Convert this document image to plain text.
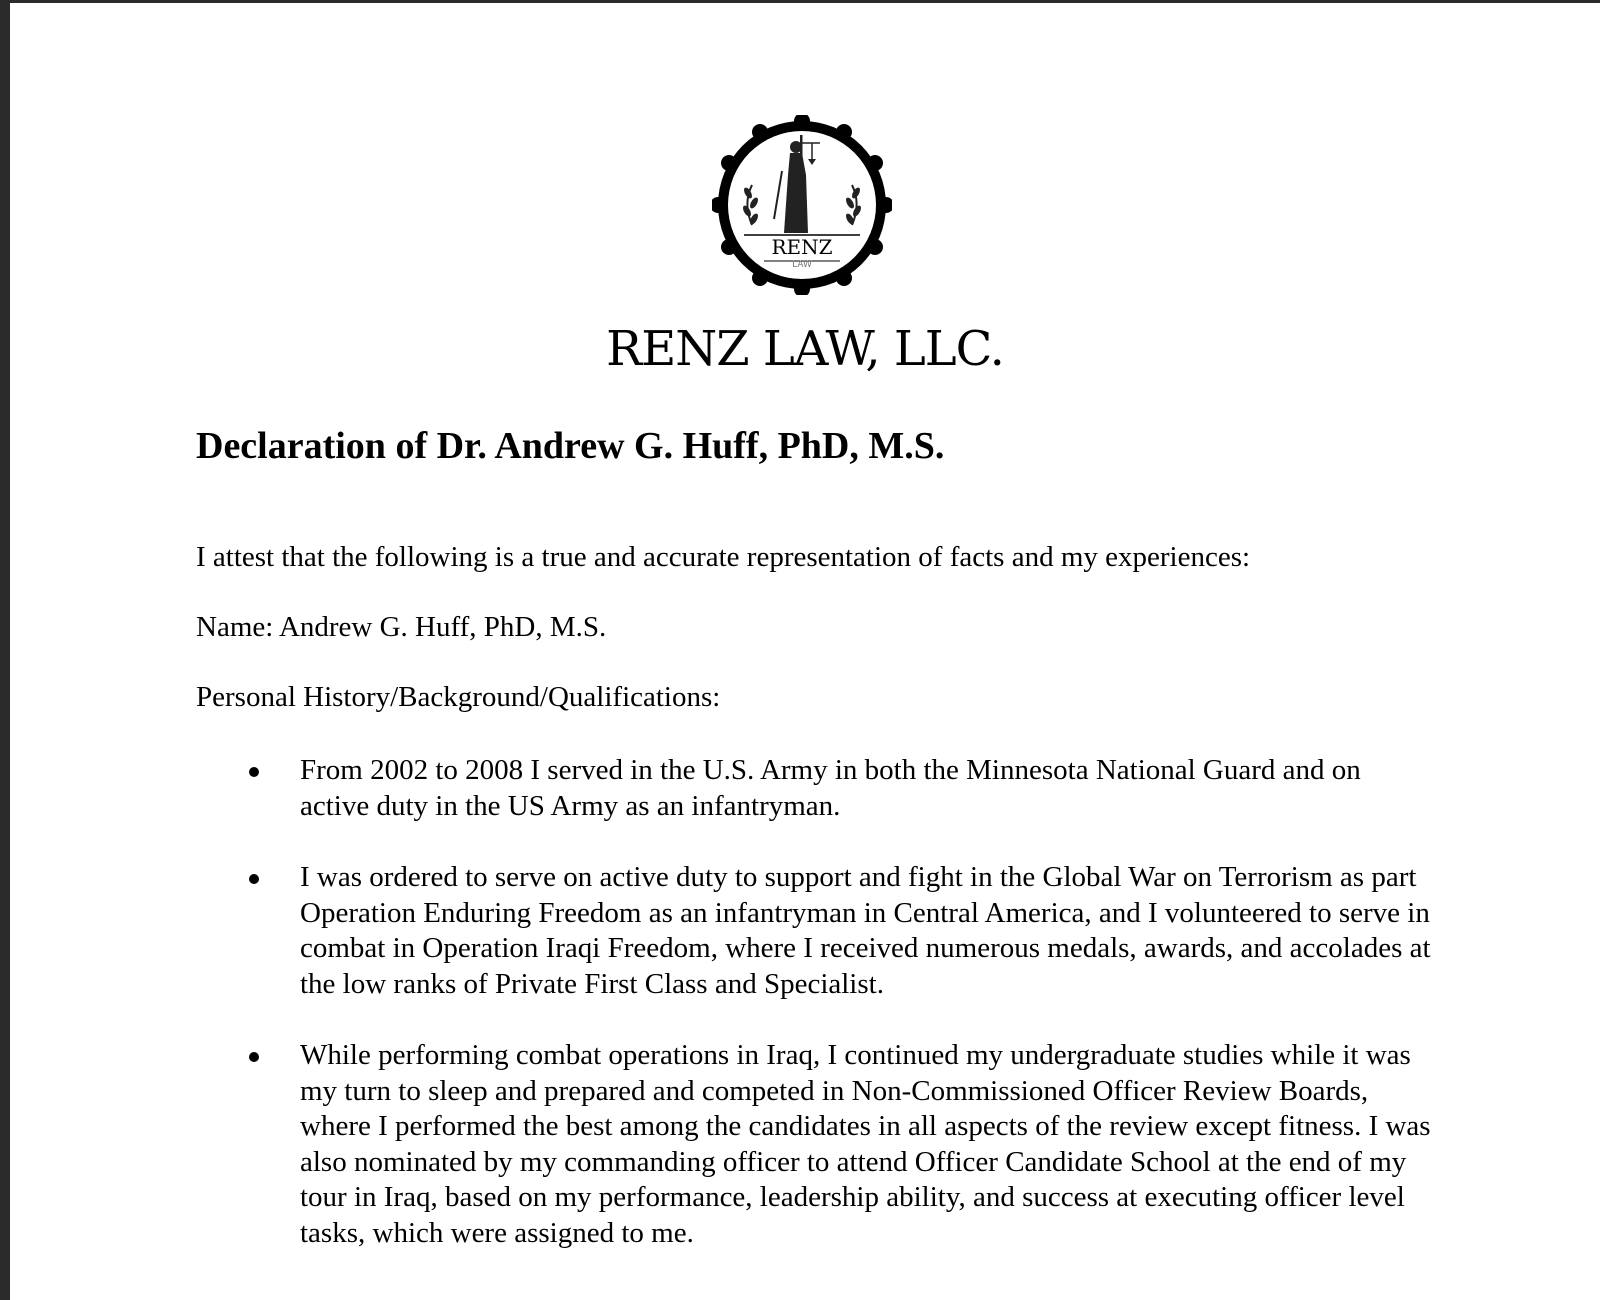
RENZ
LAW
RENZ LAW, LLC.
Declaration of Dr. Andrew G. Huff, PhD, M.S.
I attest that the following is a true and accurate representation of facts and my experiences:
Name: Andrew G. Huff, PhD, M.S.
Personal History/Background/Qualifications:
From 2002 to 2008 I served in the U.S. Army in both the Minnesota National Guard and on active duty in the US Army as an infantryman.
I was ordered to serve on active duty to support and fight in the Global War on Terrorism as part Operation Enduring Freedom as an infantryman in Central America, and I volunteered to serve in combat in Operation Iraqi Freedom, where I received numerous medals, awards, and accolades at the low ranks of Private First Class and Specialist.
While performing combat operations in Iraq, I continued my undergraduate studies while it was my turn to sleep and prepared and competed in Non-Commissioned Officer Review Boards, where I performed the best among the candidates in all aspects of the review except fitness. I was also nominated by my commanding officer to attend Officer Candidate School at the end of my tour in Iraq, based on my performance, leadership ability, and success at executing officer level tasks, which were assigned to me.
